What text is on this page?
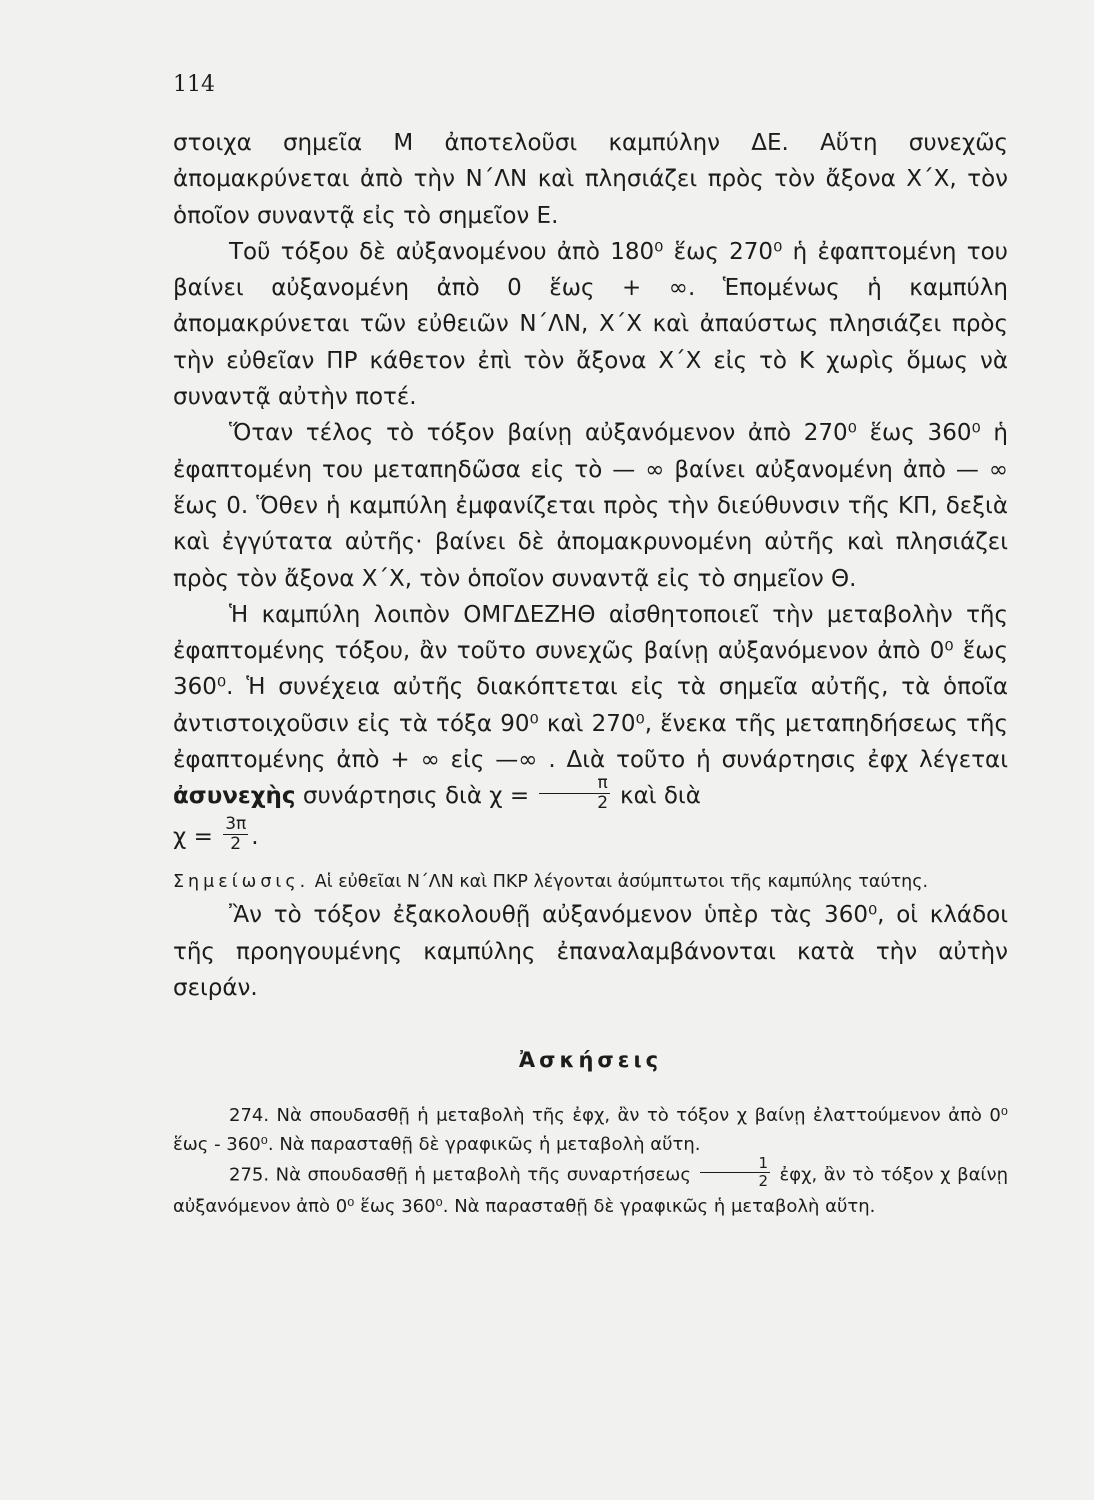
114

στοιχα σημεῖα Μ ἀποτελοῦσι καμπύλην ΔΕ. Αὕτη συνεχῶς ἀπομακρύνεται ἀπὸ τὴν Ν΄ΛΝ καὶ πλησιάζει πρὸς τὸν ἄξονα Χ΄Χ, τὸν ὁποῖον συναντᾷ εἰς τὸ σημεῖον Ε.

Τοῦ τόξου δὲ αὐξανομένου ἀπὸ 180⁰ ἕως 270⁰ ἡ ἐφαπτομένη του βαίνει αὐξανομένη ἀπὸ 0 ἕως + ∞. Ἑπομένως ἡ καμπύλη ἀπομακρύνεται τῶν εὐθειῶν Ν΄ΛΝ, Χ΄Χ καὶ ἀπαύστως πλησιάζει πρὸς τὴν εὐθεῖαν ΠΡ κάθετον ἐπὶ τὸν ἄξονα Χ΄Χ εἰς τὸ Κ χωρὶς ὅμως νὰ συναντᾷ αὐτὴν ποτέ.

Ὅταν τέλος τὸ τόξον βαίνῃ αὐξανόμενον ἀπὸ 270⁰ ἕως 360⁰ ἡ ἐφαπτομένη του μεταπηδῶσα εἰς τὸ — ∞ βαίνει αὐξανομένη ἀπὸ — ∞ ἕως 0. Ὅθεν ἡ καμπύλη ἐμφανίζεται πρὸς τὴν διεύθυνσιν τῆς ΚΠ, δεξιὰ καὶ ἐγγύτατα αὐτῆς· βαίνει δὲ ἀπομακρυνομένη αὐτῆς καὶ πλησιάζει πρὸς τὸν ἄξονα Χ΄Χ, τὸν ὁποῖον συναντᾷ εἰς τὸ σημεῖον Θ.

Ἡ καμπύλη λοιπὸν ΟΜΓΔΕΖΗΘ αἰσθητοποιεῖ τὴν μεταβολὴν τῆς ἐφαπτομένης τόξου, ἂν τοῦτο συνεχῶς βαίνῃ αὐξανόμενον ἀπὸ 0⁰ ἕως 360⁰. Ἡ συνέχεια αὐτῆς διακόπτεται εἰς τὰ σημεῖα αὐτῆς, τὰ ὁποῖα ἀντιστοιχοῦσιν εἰς τὰ τόξα 90⁰ καὶ 270⁰, ἕνεκα τῆς μεταπηδήσεως τῆς ἐφαπτομένης ἀπὸ + ∞ εἰς —∞ . Διὰ τοῦτο ἡ συνάρτησις ἐφχ λέγεται ἀσυνεχὴς συνάρτησις διὰ $\chi = \frac{\pi}{2}$ καὶ διὰ

$\chi = \frac{3\pi}{2}$ .

Σημείωσις. Αἱ εὐθεῖαι Ν΄ΛΝ καὶ ΠΚΡ λέγονται ἀσύμπτωτοι τῆς καμπύλης ταύτης.

Ἂν τὸ τόξον ἐξακολουθῇ αὐξανόμενον ὑπὲρ τὰς 360⁰, οἱ κλάδοι τῆς προηγουμένης καμπύλης ἐπαναλαμβάνονται κατὰ τὴν αὐτὴν σειράν.

Ἀσκήσεις

274. Νὰ σπουδασθῇ ἡ μεταβολὴ τῆς ἐφχ, ἂν τὸ τόξον χ βαίνῃ ἐλαττούμενον ἀπὸ 0⁰ ἕως - 360⁰. Νὰ παρασταθῇ δὲ γραφικῶς ἡ μεταβολὴ αὕτη.

275. Νὰ σπουδασθῇ ἡ μεταβολὴ τῆς συναρτήσεως $\frac{1}{2}$ ἐφχ, ἂν τὸ τόξον χ βαίνῃ αὐξανόμενον ἀπὸ 0⁰ ἕως 360⁰. Νὰ παρασταθῇ δὲ γραφικῶς ἡ μεταβολὴ αὕτη.
